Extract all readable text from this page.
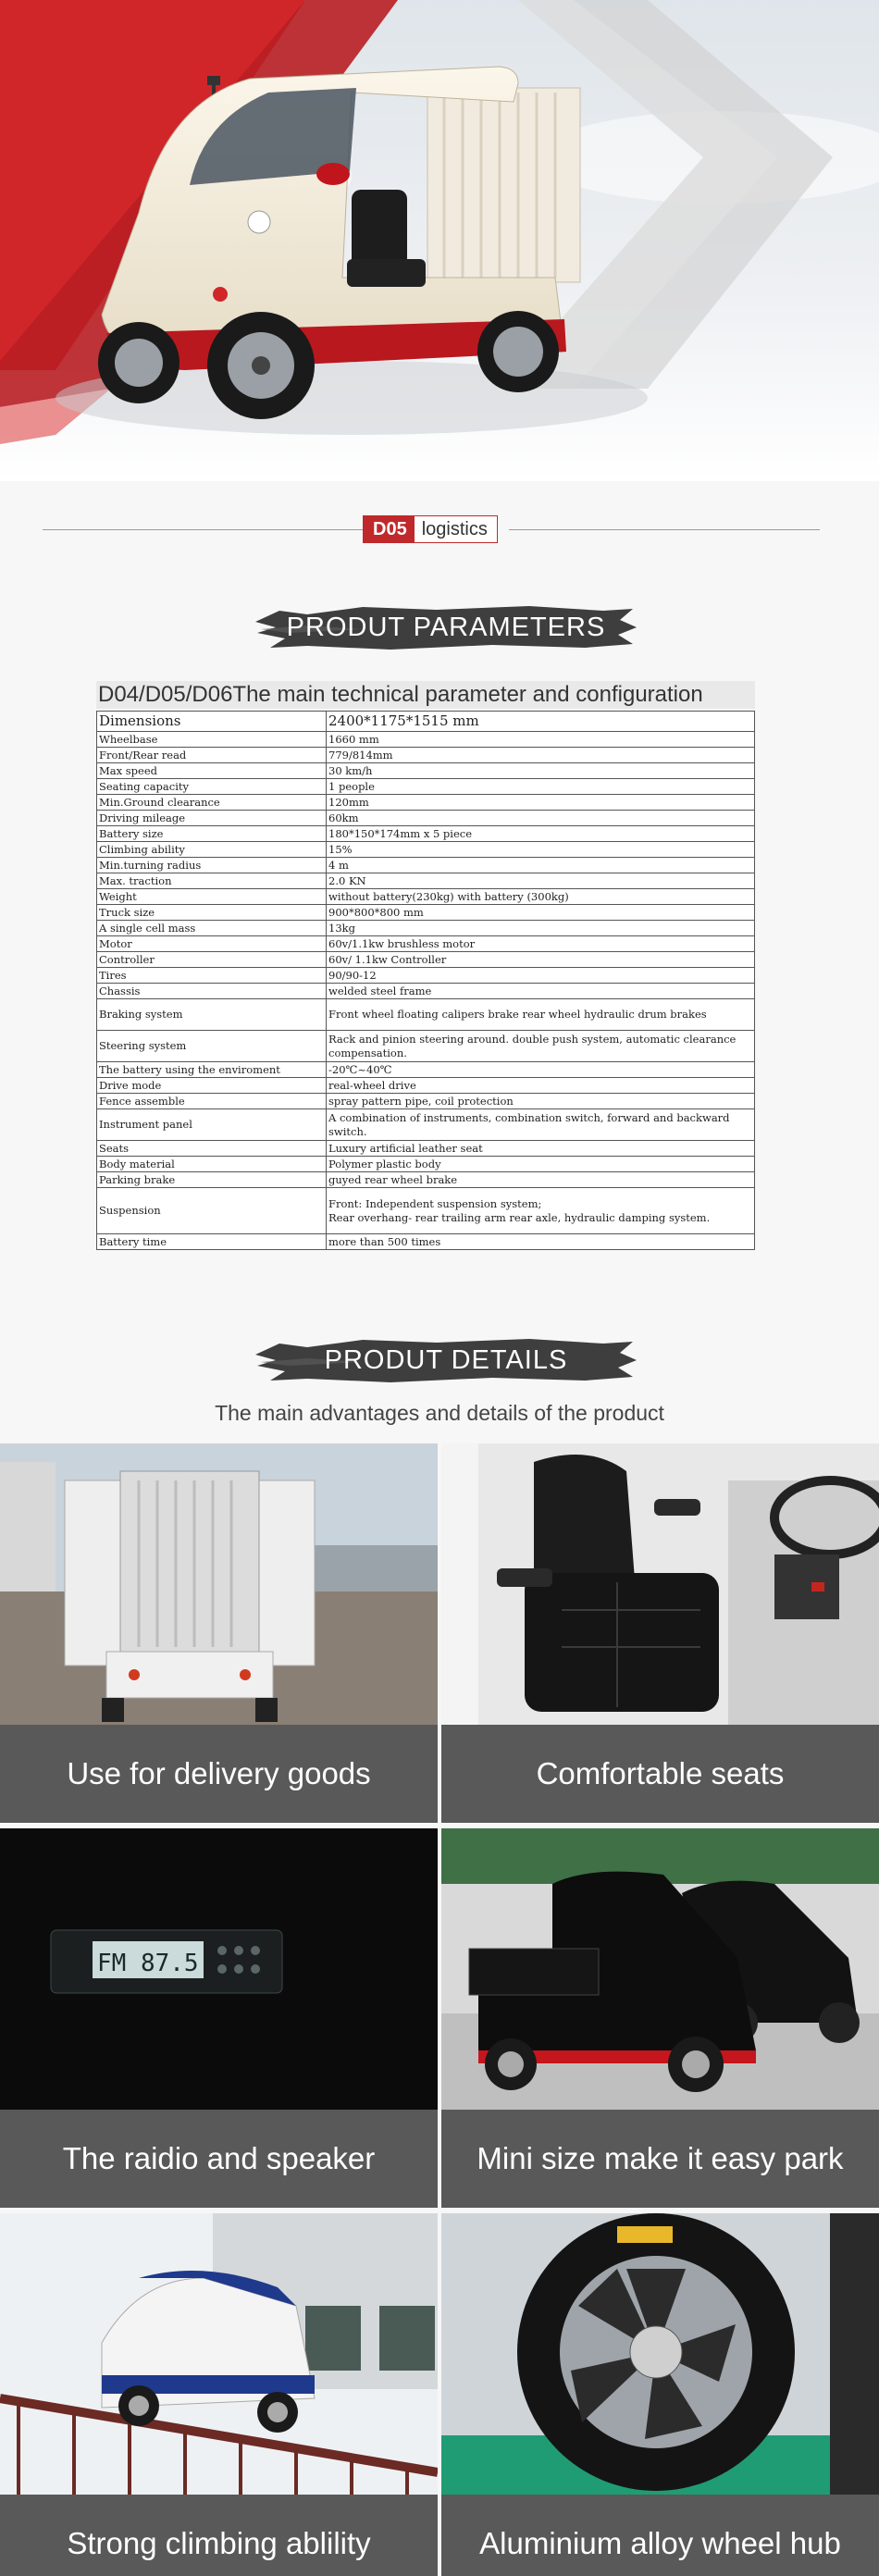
D05 logistics
PRODUT PARAMETERS
D04/D05/D06The main technical parameter and configuration
Dimensions	2400*1175*1515 mm
Wheelbase	1660 mm
Front/Rear read	779/814mm
Max speed	30 km/h
Seating capacity	1 people
Min.Ground clearance	120mm
Driving mileage	60km
Battery size	180*150*174mm x 5 piece
Climbing ability	15%
Min.turning radius	4 m
Max. traction	2.0 KN
Weight	without battery(230kg) with battery (300kg)
Truck size	900*800*800 mm
A single cell mass	13kg
Motor	60v/1.1kw brushless motor
Controller	60v/ 1.1kw Controller
Tires	90/90-12
Chassis	welded steel frame
Braking system	Front wheel floating calipers brake rear wheel hydraulic drum brakes
Steering system	Rack and pinion steering around. double push system, automatic clearance compensation.
The battery using the enviroment	-20℃~40℃
Drive mode	real-wheel drive
Fence assemble	spray pattern pipe, coil protection
Instrument panel	A combination of instruments, combination switch, forward and backward switch.
Seats	Luxury artificial leather seat
Body material	Polymer plastic body
Parking brake	guyed rear wheel brake
Suspension	Front: Independent suspension system;
Rear overhang- rear trailing arm rear axle, hydraulic damping system.
Battery time	more than 500 times
PRODUT DETAILS
The main advantages and details of the product
Use for delivery goods	Comfortable seats
FM 87.5
The raidio and speaker	Mini size make it easy park
Strong climbing ablility	Aluminium alloy wheel hub
